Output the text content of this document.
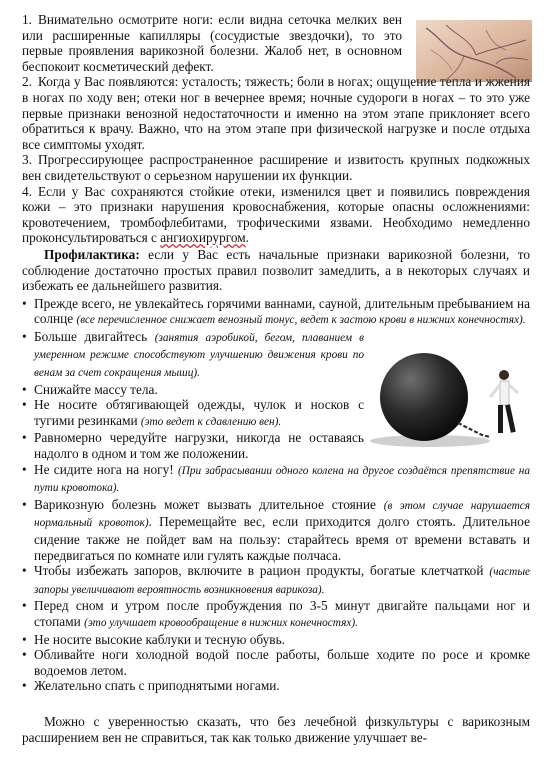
1. Внимательно осмотрите ноги: если видна сеточка мелких вен или расширенные капилляры (сосудистые звездочки), то это первые проявления варикозной болезни. Жалоб нет, в основном беспокоит косметический дефект.
2. Когда у Вас появляются: усталость; тяжесть; боли в ногах; ощущение тепла и жжения в ногах по ходу вен; отеки ног в вечернее время; ночные судороги в ногах – то это уже первые признаки венозной недостаточности и именно на этом этапе приклоняет всего обратиться к врачу. Важно, что на этом этапе при физической нагрузке и после отдыха все симптомы уходят.
3. Прогрессирующее распространенное расширение и извитость крупных подкожных вен свидетельствуют о серьезном нарушении их функции.
4. Если у Вас сохраняются стойкие отеки, изменился цвет и появились повреждения кожи – это признаки нарушения кровоснабжения, которые опасны осложнениями: кровотечением, тромбофлебитами, трофическими язвами. Необходимо немедленно проконсультироваться с ангиохирургом.

Профилактика: если у Вас есть начальные признаки варикозной болезни, то соблюдение достаточно простых правил позволит замедлить, а в некоторых случаях и избежать ее дальнейшего развития.

• Прежде всего, не увлекайтесь горячими ваннами, сауной, длительным пребыванием на солнце (все перечисленное снижает венозный тонус, ведет к застою крови в нижних конечностях).
• Больше двигайтесь (занятия аэробикой, бегом, плаванием в умеренном режиме способствуют улучшению движения крови по венам за счет сокращения мышц).
• Снижайте массу тела.
• Не носите обтягивающей одежды, чулок и носков с тугими резинками (это ведет к сдавлению вен).
• Равномерно чередуйте нагрузки, никогда не оставаясь надолго в одном и том же положении.
• Не сидите нога на ногу! (При забрасывании одного колена на другое создаётся препятствие на пути кровотока).
• Варикозную болезнь может вызвать длительное стояние (в этом случае нарушается нормальный кровоток). Перемещайте вес, если приходится долго стоять. Длительное сидение также не пойдет вам на пользу: старайтесь время от времени вставать и передвигаться по комнате или гулять каждые полчаса.
• Чтобы избежать запоров, включите в рацион продукты, богатые клетчаткой (частые запоры увеличивают вероятность возникновения варикоза).
• Перед сном и утром после пробуждения по 3-5 минут двигайте пальцами ног и стопами (это улучшает кровообращение в нижних конечностях).
• Не носите высокие каблуки и тесную обувь.
• Обливайте ноги холодной водой после работы, больше ходите по росе и кромке водоемов летом.
• Желательно спать с приподнятыми ногами.

Можно с уверенностью сказать, что без лечебной физкультуры с варикозным расширением вен не справиться, так как только движение улучшает ве-
